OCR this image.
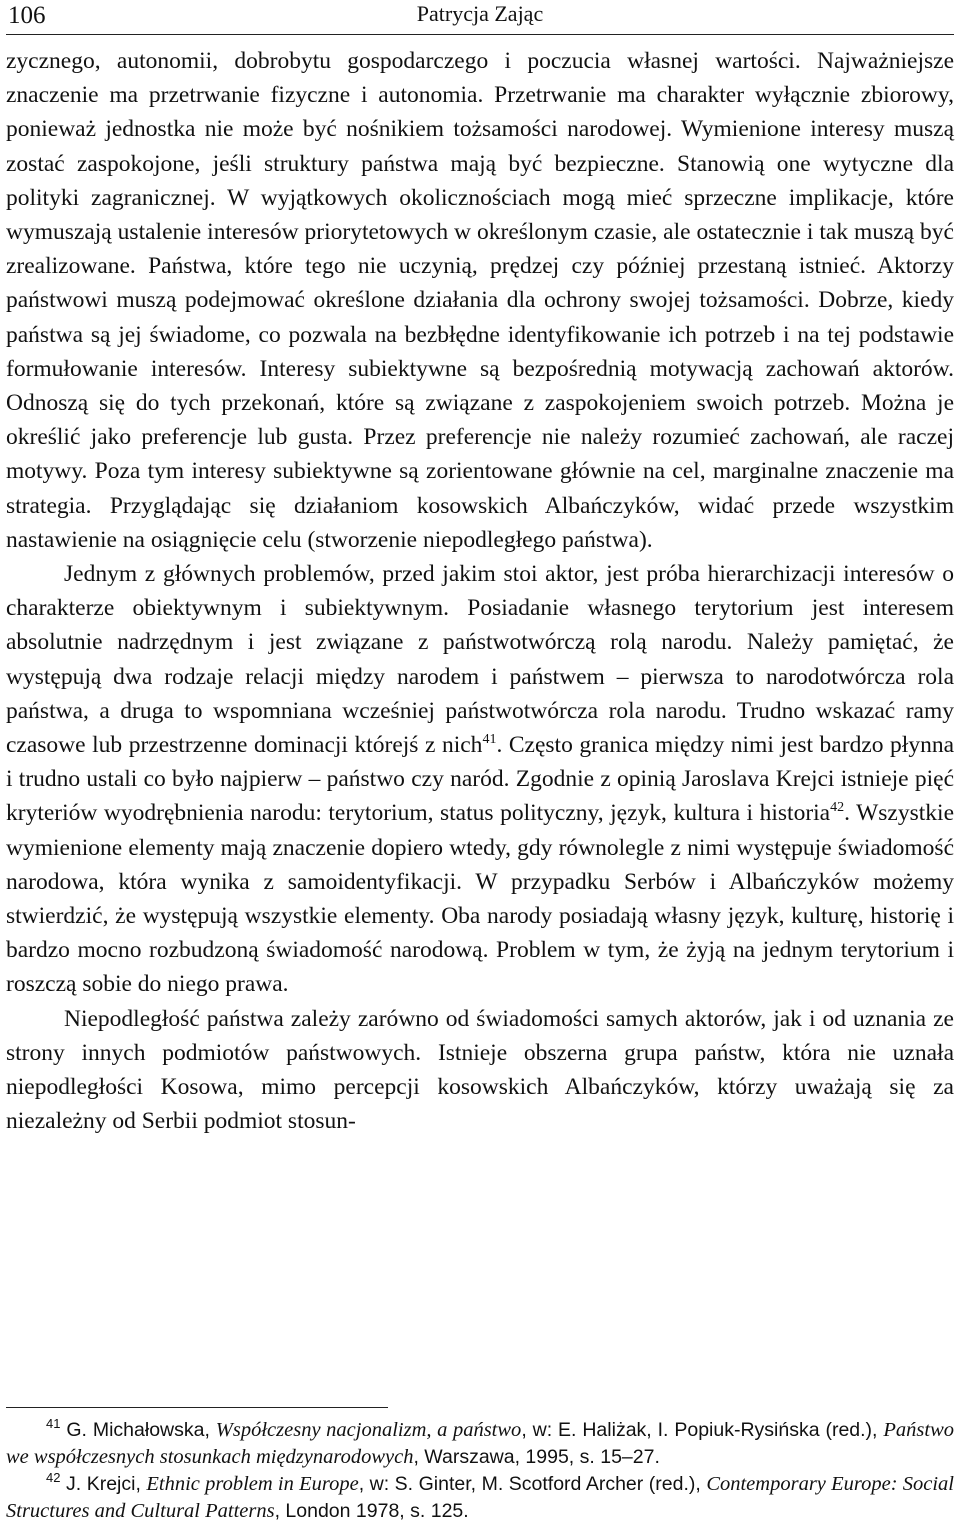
106	Patrycja Zając

zycznego, autonomii, dobrobytu gospodarczego i poczucia własnej wartości. Najważniejsze znaczenie ma przetrwanie fizyczne i autonomia. Przetrwanie ma charakter wyłącznie zbiorowy, ponieważ jednostka nie może być nośnikiem tożsamości narodowej. Wymienione interesy muszą zostać zaspokojone, jeśli struktury państwa mają być bezpieczne. Stanowią one wytyczne dla polityki zagranicznej. W wyjątkowych okolicznościach mogą mieć sprzeczne implikacje, które wymuszają ustalenie interesów priorytetowych w określonym czasie, ale ostatecznie i tak muszą być zrealizowane. Państwa, które tego nie uczynią, prędzej czy później przestaną istnieć. Aktorzy państwowi muszą podejmować określone działania dla ochrony swojej tożsamości. Dobrze, kiedy państwa są jej świadome, co pozwala na bezbłędne identyfikowanie ich potrzeb i na tej podstawie formułowanie interesów. Interesy subiektywne są bezpośrednią motywacją zachowań aktorów. Odnoszą się do tych przekonań, które są związane z zaspokojeniem swoich potrzeb. Można je określić jako preferencje lub gusta. Przez preferencje nie należy rozumieć zachowań, ale raczej motywy. Poza tym interesy subiektywne są zorientowane głównie na cel, marginalne znaczenie ma strategia. Przyglądając się działaniom kosowskich Albańczyków, widać przede wszystkim nastawienie na osiągnięcie celu (stworzenie niepodległego państwa).

Jednym z głównych problemów, przed jakim stoi aktor, jest próba hierarchizacji interesów o charakterze obiektywnym i subiektywnym. Posiadanie własnego terytorium jest interesem absolutnie nadrzędnym i jest związane z państwotwórczą rolą narodu. Należy pamiętać, że występują dwa rodzaje relacji między narodem i państwem – pierwsza to narodotwórcza rola państwa, a druga to wspomniana wcześniej państwotwórcza rola narodu. Trudno wskazać ramy czasowe lub przestrzenne dominacji którejś z nich$^{41}$. Często granica między nimi jest bardzo płynna i trudno ustali co było najpierw – państwo czy naród. Zgodnie z opinią Jaroslava Krejci istnieje pięć kryteriów wyodrębnienia narodu: terytorium, status polityczny, język, kultura i historia$^{42}$. Wszystkie wymienione elementy mają znaczenie dopiero wtedy, gdy równolegle z nimi występuje świadomość narodowa, która wynika z samoidentyfikacji. W przypadku Serbów i Albańczyków możemy stwierdzić, że występują wszystkie elementy. Oba narody posiadają własny język, kulturę, historię i bardzo mocno rozbudzoną świadomość narodową. Problem w tym, że żyją na jednym terytorium i roszczą sobie do niego prawa.

Niepodległość państwa zależy zarówno od świadomości samych aktorów, jak i od uznania ze strony innych podmiotów państwowych. Istnieje obszerna grupa państw, która nie uznała niepodległości Kosowa, mimo percepcji kosowskich Albańczyków, którzy uważają się za niezależny od Serbii podmiot stosun-

$^{41}$ G. Michałowska, Współczesny nacjonalizm, a państwo, w: E. Haliżak, I. Popiuk-Rysińska (red.), Państwo we współczesnych stosunkach międzynarodowych, Warszawa, 1995, s. 15–27.

$^{42}$ J. Krejci, Ethnic problem in Europe, w: S. Ginter, M. Scotford Archer (red.), Contemporary Europe: Social Structures and Cultural Patterns, London 1978, s. 125.
